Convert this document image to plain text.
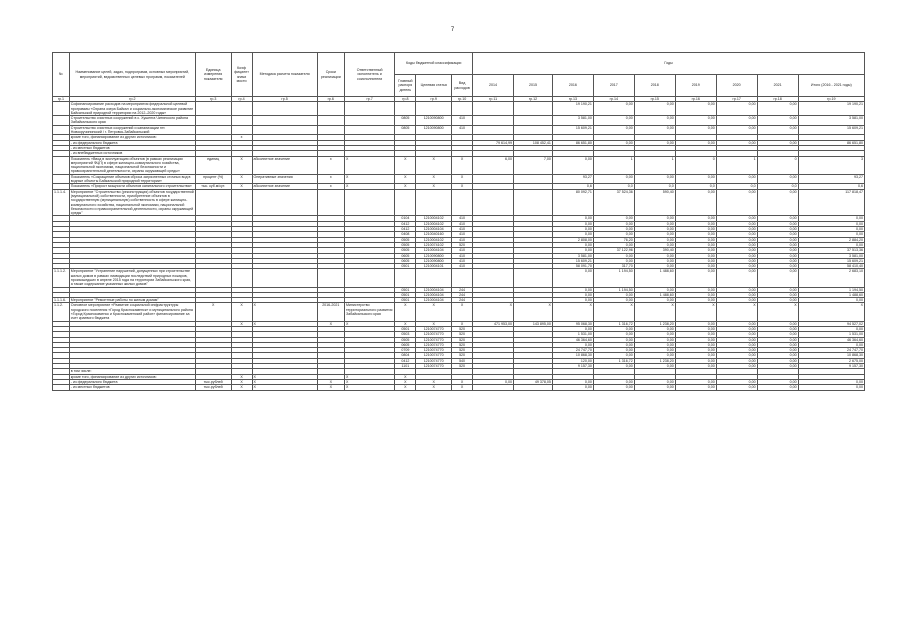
7
№	Наименование целей, задач, подпрограмм, основных мероприятий, мероприятий, ведомственных целевых программ, показателей	Единица измерения показателя	Коэф фициент значи мости	Методика расчета показателя	Сроки реализации	Ответственный исполнитель и соисполнители	Коды бюджетной классификации			Годы								
							Главный распоря дитель	Целевая статья	Вид расходов	2014	2015	2016	2017	2018	2019	2020	2021	Итого (2016 - 2021 годы)
гр.1	гр.2	гр.3	гр.4	гр.5	гр.6	гр.7	гр.8	гр.9	гр.10	гр.11	гр.12	гр.13	гр.14	гр.15	гр.16	гр.17	гр.18	гр.19
	Софинансирование расходов на мероприятия федеральной целевой программы «Охрана озера Байкал и социально-экономическое развитие Байкальской природной территории на 2012–2020 годы»											19 190,21	0,00	0,00	0,00	0,00	0,00	19 190,21
	Строительство очистных сооружений в с. Хушенга Читинского района Забайкальского края						0805	1210090800	410			3 581,00	0,00	0,00	0,00	0,00	0,00	3 581,00
	Строительство очистных сооружений и канализации пгт. Новокручининский / г. Петровск-Забайкальский						0805	1210090800	410			15 609,21	0,00	0,00	0,00	0,00	0,00	15 609,21
	кроме того, финансирование из других источников:		х															
	- из федерального бюджета									79 614,99	108 452,41	86 651,80	0,00	0,00	0,00	0,00	0,00	86 651,80
	- из местных бюджетов																	
	- из внебюджетных источников																	
	Показатель «Ввод в эксплуатацию объектов (в рамках реализации мероприятий ФЦП) в сфере жилищно-коммунального хозяйства, национальной экономики, национальной безопасности и правоохранительной деятельности, охраны окружающей среды»	единиц	Х	абсолютное значение	х	Х	Х	Х	Х	6,00	7,00	0,00	1	1	0	1	0	3
	Показатель «Сокращение объемов сброса загрязненных сточных вод в водные объекты Байкальской природной территории»	процент (%)	Х	Оперативные значения	х	Х	Х	Х	Х			93,27	0,00	0,00	0,00	0,00	0,00	93,27
	Показатель «Прирост мощности объектов капитального строительства»	тыс. куб.м/сут.	Х	абсолютное значение	х	Х	Х	Х	Х			0,6	0,0	0,0	0,0	0,0	0,0	0,6
1.1.1.4.	Мероприятие "Строительство (реконструкция) объектов государственной (муниципальной) собственности, приобретение объектов в государственную (муниципальную) собственность в сфере жилищно-коммунального хозяйства, национальной экономики, национальной безопасности и правоохранительной деятельности, охраны окружающей среды"											80 092,71	37 524,36	590,40	0,00	0,00	0,00	117 818,47
							0104	1210004102	410			0,00	0,00	0,00	0,00	0,00	0,00	0,00
							0412	1210004102	410			0,00	0,00	0,00	0,00	0,00	0,00	0,00
							0412	1210004104	410			0,00	0,00	0,00	0,00	0,00	0,00	0,00
							0408	1210040160	410			0,00	0,00	0,00	0,00	0,00	0,00	0,00
							0505	1210004102	410			2 808,00	76,20	0,00	0,00	0,00	0,00	2 884,20
							0505	1210074102	520			0,00	0,00	0,00	0,00	0,00	0,00	0,00
							0505	1210004104	410			0,00	37 122,96	390,40	0,00	0,00	0,00	37 513,36
							0605	1210090800	410			3 581,00	0,00	0,00	0,00	0,00	0,00	3 581,00
							0605	1210090800	410			15 609,21	0,00	0,00	0,00	0,00	0,00	15 609,21
							0501	1210004101	410			58 091,70	317,70	0,00	0,00	0,00	0,00	58 410,40
1.1.1.2.	Мероприятие "Устранение нарушений, допущенных при строительстве жилых домов в рамках ликвидации последствий природных пожаров, произошедших в апреле 2015 года на территории Забайкальского края, а также содержание указанных жилых домов"											0,00	1 194,50	1 488,60	0,00	0,00	0,00	2 683,10
							0501	1210004104	244			0,00	1 194,50	0,00	0,00	0,00	0,00	1 194,50
							0501	1210004104	244			0,00	0,00	1 488,60	0,00	0,00	0,00	1 488,60
1.1.1.6.	Мероприятие "Ремонтные работы по жилым домам"						0501	1210004104	244			0,00	0,00	0,00	0,00	0,00	0,00	0,00
1.1.2.	Основное мероприятие «Развитие социальной инфраструктуры городского поселения «Город Краснокаменск» и муниципального района «Город Краснокаменск и Краснокаменский район» финансирование за счет краевого бюджета	Х	Х	Х	2016-2021	Министерство территориального развития Забайкальского края	Х	Х	Х	Х	Х	Х	Х	Х	Х	Х	Х	Х
			Х	Х	Х	Х	Х	Х	Х	471 953,00	143 895,00	95 068,30	1 316,72	1 238,20	0,00	0,00	0,00	94 527,02
							0501	1210074770	520			0,00	0,00	0,00	0,00	0,00	0,00	0,00
							0503	1210074770	520			1 531,00	0,00	0,00	0,00	0,00	0,00	1 531,00
							0505	1210074770	520			46 364,60	0,00	0,00	0,00	0,00	0,00	46 364,60
							0605	1210074770	520			0,00	0,00	0,00	0,00	0,00	0,00	0,00
							0709	1210074770	520			24 747,70	0,00	0,00	0,00	0,00	0,00	24 747,70
							0804	1210074770	520			10 868,30	0,00	0,00	0,00	0,00	0,00	10 868,30
							0412	1210074770	540			120,00	1 316,72	1 238,20	0,00	0,00	0,00	2 675,00
							1101	1210074770	520			9 157,30	0,00	0,00	0,00	0,00	0,00	9 157,30
	в том числе:																	
	кроме того, финансирование из других источников:		Х	Х		Х	Х											
	- из федерального бюджета	тыс.рублей	Х	Х	Х	Х	Х	Х	Х	0,00	49 378,05	0,00	0,00	0,00	0,00	0,00	0,00	0,00
	- из местных бюджетов	тыс.рублей	Х	Х	Х	Х	Х	Х	Х			0,00	0,00	0,00	0,00	0,00	0,00	0,00
